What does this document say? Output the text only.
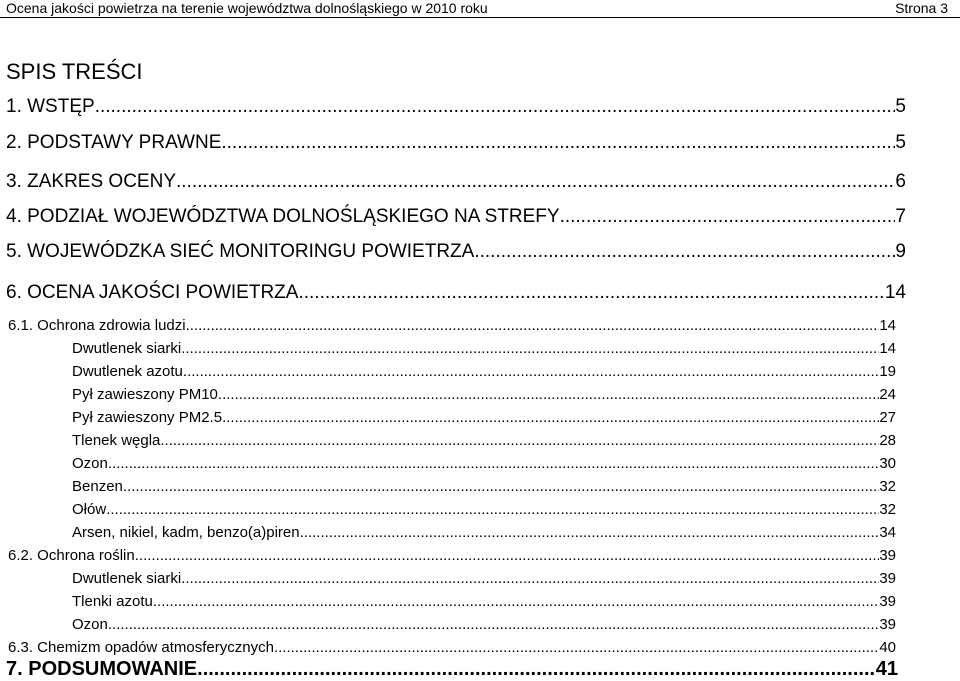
Ocena jakości powietrza na terenie województwa dolnośląskiego w 2010 roku	Strona 3
SPIS TREŚCI
1. WSTĘP .....	5
2. PODSTAWY PRAWNE .....	5
3. ZAKRES OCENY .....	6
4. PODZIAŁ WOJEWÓDZTWA DOLNOŚLĄSKIEGO NA STREFY .....	7
5. WOJEWÓDZKA SIEĆ MONITORINGU POWIETRZA .....	9
6. OCENA JAKOŚCI POWIETRZA .....	14
6.1. Ochrona zdrowia ludzi .....	14
Dwutlenek siarki .....	14
Dwutlenek azotu .....	19
Pył zawieszony PM10 .....	24
Pył zawieszony PM2.5 .....	27
Tlenek węgla .....	28
Ozon .....	30
Benzen .....	32
Ołów .....	32
Arsen, nikiel, kadm, benzo(a)piren .....	34
6.2. Ochrona roślin .....	39
Dwutlenek siarki .....	39
Tlenki azotu .....	39
Ozon .....	39
6.3. Chemizm opadów atmosferycznych .....	40
7. PODSUMOWANIE .....	41
